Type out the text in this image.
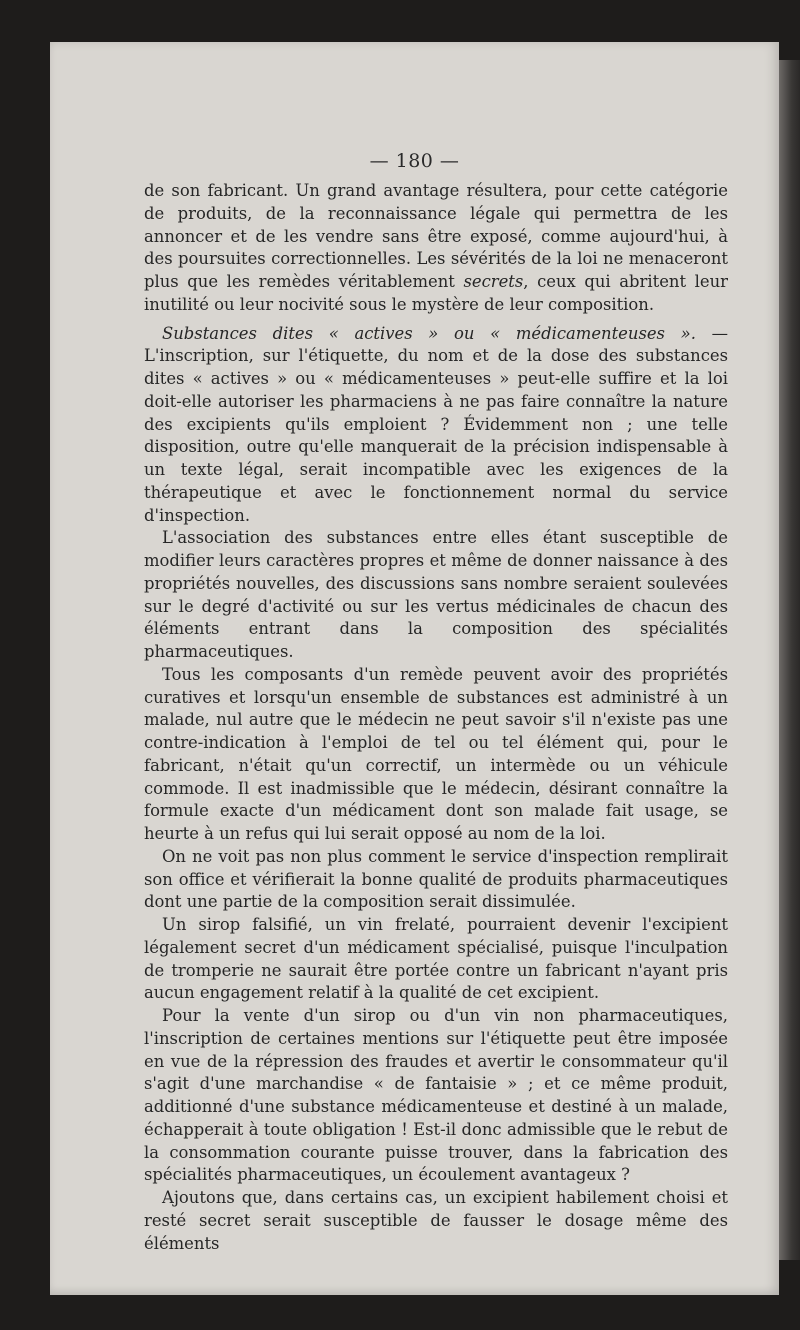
— 180 —

de son fabricant. Un grand avantage résultera, pour cette catégorie de produits, de la reconnaissance légale qui permettra de les annoncer et de les vendre sans être exposé, comme aujourd'hui, à des poursuites correctionnelles. Les sévérités de la loi ne menaceront plus que les remèdes véritablement secrets, ceux qui abritent leur inutilité ou leur nocivité sous le mystère de leur composition.

Substances dites « actives » ou « médicamenteuses ». — L'inscription, sur l'étiquette, du nom et de la dose des substances dites « actives » ou « médicamenteuses » peut-elle suffire et la loi doit-elle autoriser les pharmaciens à ne pas faire connaître la nature des excipients qu'ils emploient ? Évidemment non ; une telle disposition, outre qu'elle manquerait de la précision indispensable à un texte légal, serait incompatible avec les exigences de la thérapeutique et avec le fonctionnement normal du service d'inspection.

L'association des substances entre elles étant susceptible de modifier leurs caractères propres et même de donner naissance à des propriétés nouvelles, des discussions sans nombre seraient soulevées sur le degré d'activité ou sur les vertus médicinales de chacun des éléments entrant dans la composition des spécialités pharmaceutiques.

Tous les composants d'un remède peuvent avoir des propriétés curatives et lorsqu'un ensemble de substances est administré à un malade, nul autre que le médecin ne peut savoir s'il n'existe pas une contre-indication à l'emploi de tel ou tel élément qui, pour le fabricant, n'était qu'un correctif, un intermède ou un véhicule commode. Il est inadmissible que le médecin, désirant connaître la formule exacte d'un médicament dont son malade fait usage, se heurte à un refus qui lui serait opposé au nom de la loi.

On ne voit pas non plus comment le service d'inspection remplirait son office et vérifierait la bonne qualité de produits pharmaceutiques dont une partie de la composition serait dissimulée.

Un sirop falsifié, un vin frelaté, pourraient devenir l'excipient légalement secret d'un médicament spécialisé, puisque l'inculpation de tromperie ne saurait être portée contre un fabricant n'ayant pris aucun engagement relatif à la qualité de cet excipient.

Pour la vente d'un sirop ou d'un vin non pharmaceutiques, l'inscription de certaines mentions sur l'étiquette peut être imposée en vue de la répression des fraudes et avertir le consommateur qu'il s'agit d'une marchandise « de fantaisie » ; et ce même produit, additionné d'une substance médicamenteuse et destiné à un malade, échapperait à toute obligation ! Est-il donc admissible que le rebut de la consommation courante puisse trouver, dans la fabrication des spécialités pharmaceutiques, un écoulement avantageux ?

Ajoutons que, dans certains cas, un excipient habilement choisi et resté secret serait susceptible de fausser le dosage même des éléments
